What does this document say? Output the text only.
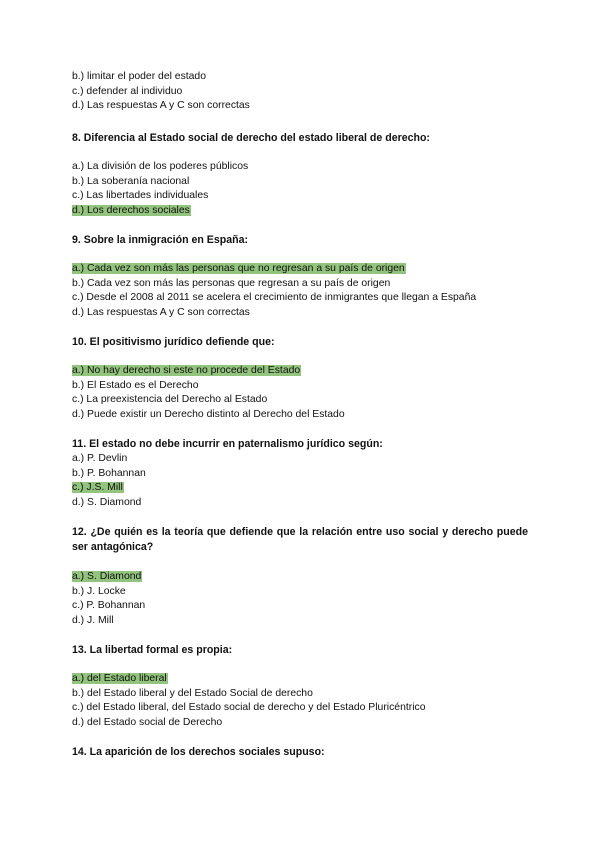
b.) limitar el poder del estado
c.) defender al individuo
d.) Las respuestas A y C son correctas
8. Diferencia al Estado social de derecho del estado liberal de derecho:
a.) La división de los poderes públicos
b.) La soberanía nacional
c.) Las libertades individuales
d.) Los derechos sociales
9. Sobre la inmigración en España:
a.) Cada vez son más las personas que no regresan a su país de origen
b.) Cada vez son más las personas que regresan a su país de origen
c.) Desde el 2008 al 2011 se acelera el crecimiento de inmigrantes que llegan a España
d.) Las respuestas A y C son correctas
10. El positivismo jurídico defiende que:
a.) No hay derecho si este no procede del Estado
b.) El Estado es el Derecho
c.) La preexistencia del Derecho al Estado
d.) Puede existir un Derecho distinto al Derecho del Estado
11. El estado no debe incurrir en paternalismo jurídico según:
a.) P. Devlin
b.) P. Bohannan
c.) J.S. Mill
d.) S. Diamond
12. ¿De quién es la teoría que defiende que la relación entre uso social y derecho puede ser antagónica?
a.) S. Diamond
b.) J. Locke
c.) P. Bohannan
d.) J. Mill
13. La libertad formal es propia:
a.) del Estado liberal
b.) del Estado liberal y del Estado Social de derecho
c.) del Estado liberal, del Estado social de derecho y del Estado Pluricéntrico
d.) del Estado social de Derecho
14. La aparición de los derechos sociales supuso:
